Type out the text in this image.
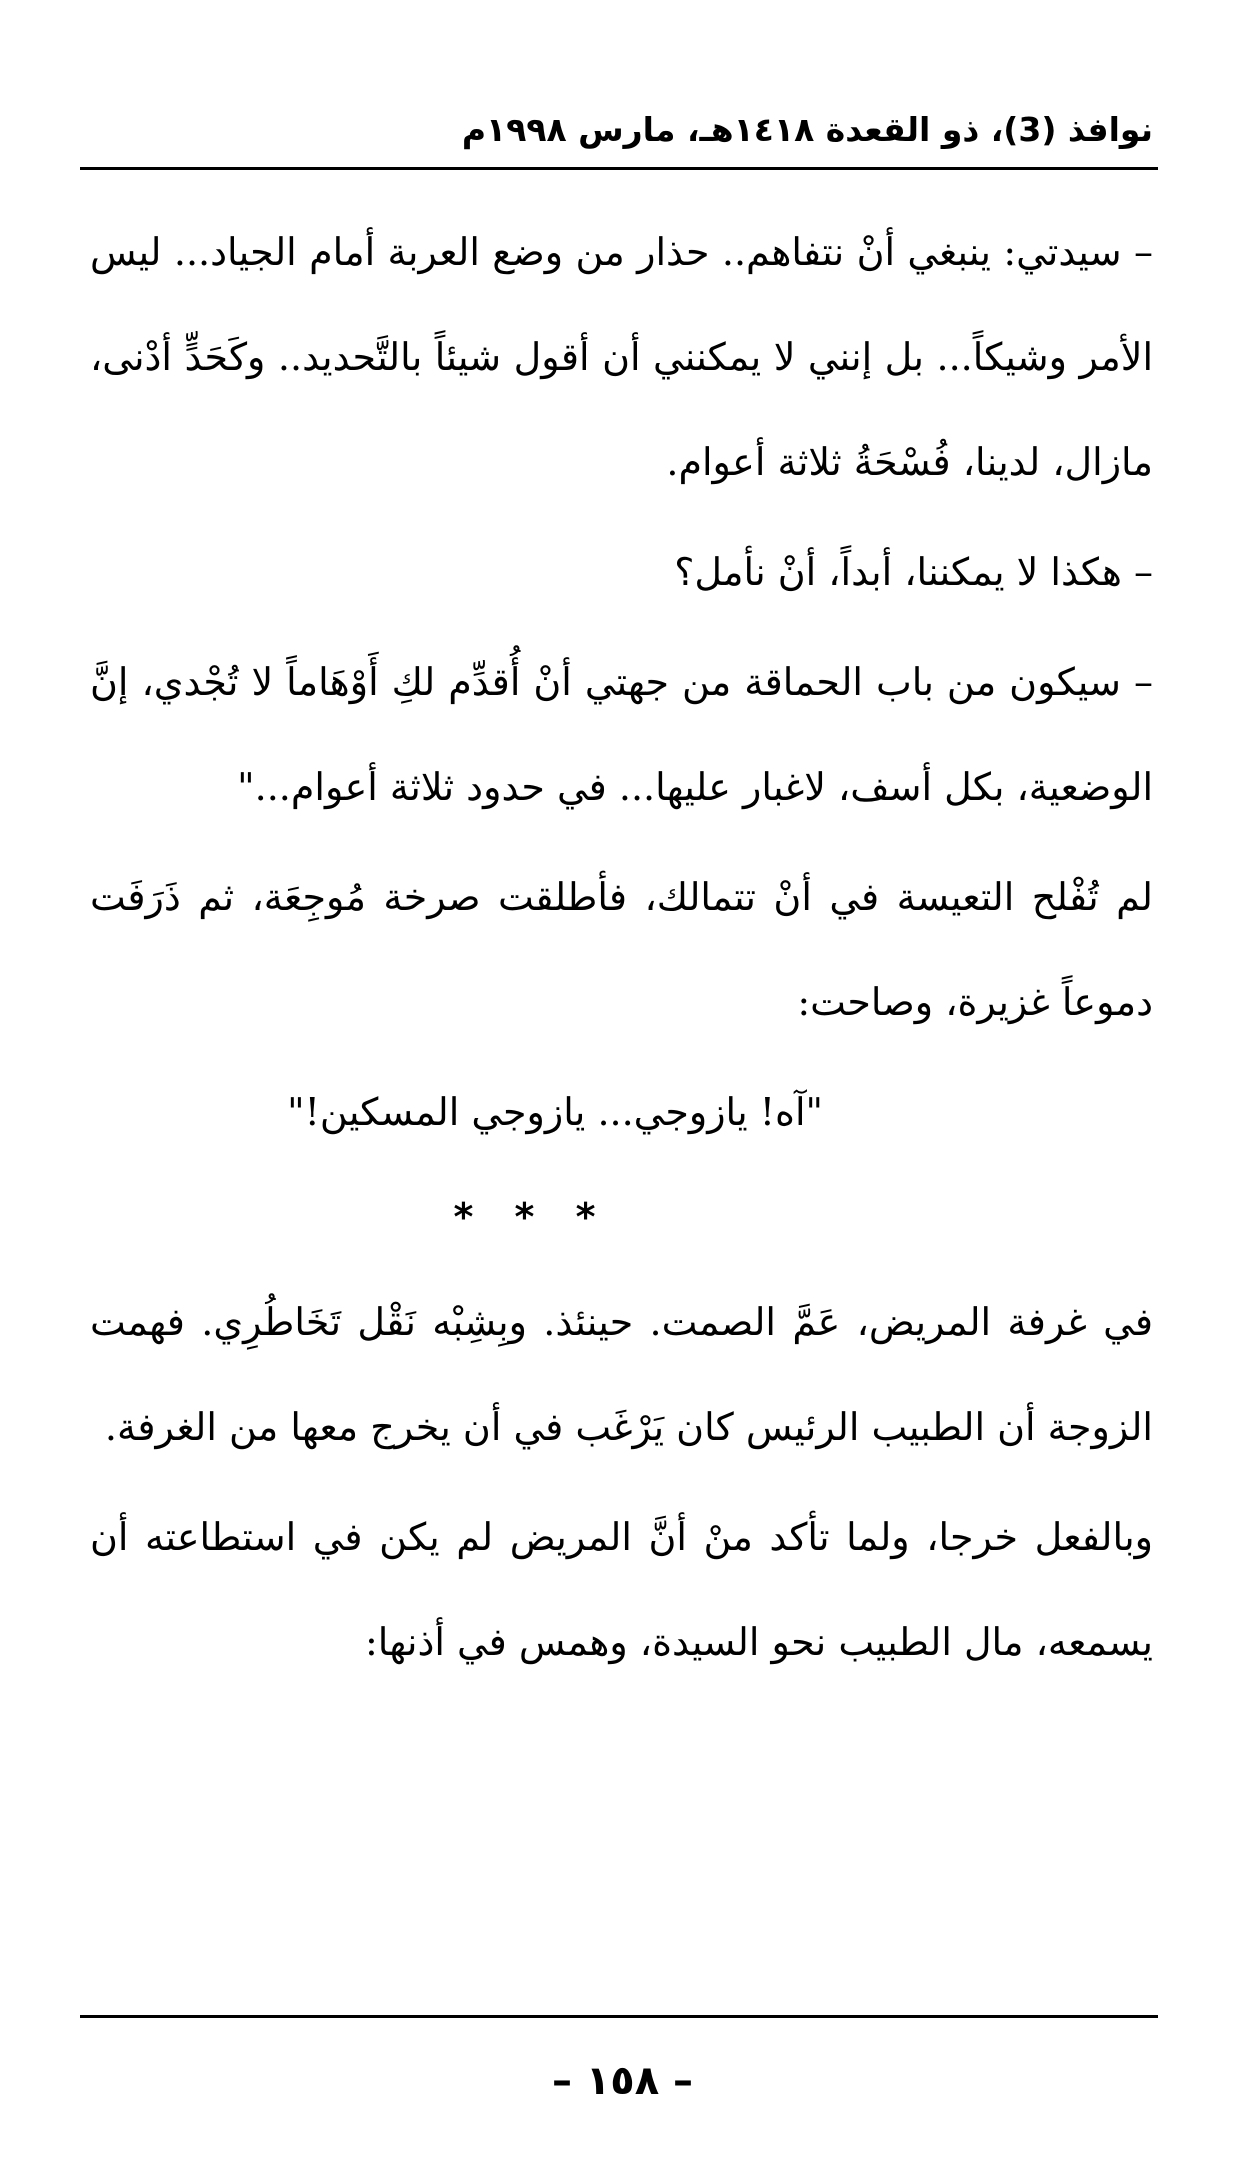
نوافذ (3)، ذو القعدة ١٤١٨هـ، مارس ١٩٩٨م

– سيدتي: ينبغي أنْ نتفاهم.. حذار من وضع العربة أمام الجياد... ليس الأمر وشيكاً... بل إنني لا يمكنني أن أقول شيئاً بالتَّحديد.. وكَحَدٍّ أدْنى، مازال، لدينا، فُسْحَةُ ثلاثة أعوام.

– هكذا لا يمكننا، أبداً، أنْ نأمل؟

– سيكون من باب الحماقة من جهتي أنْ أُقدِّم لكِ أَوْهَاماً لا تُجْدي، إنَّ الوضعية، بكل أسف، لاغبار عليها... في حدود ثلاثة أعوام..."

لم تُفْلح التعيسة في أنْ تتمالك، فأطلقت صرخة مُوجِعَة، ثم ذَرَفَت دموعاً غزيرة، وصاحت:

"آه! يازوجي... يازوجي المسكين!"

* * *

في غرفة المريض، عَمَّ الصمت. حينئذ. وبِشِبْه نَقْل تَخَاطُرِي. فهمت الزوجة أن الطبيب الرئيس كان يَرْغَب في أن يخرج معها من الغرفة.

وبالفعل خرجا، ولما تأكد منْ أنَّ المريض لم يكن في استطاعته أن يسمعه، مال الطبيب نحو السيدة، وهمس في أذنها:

– ١٥٨ –
